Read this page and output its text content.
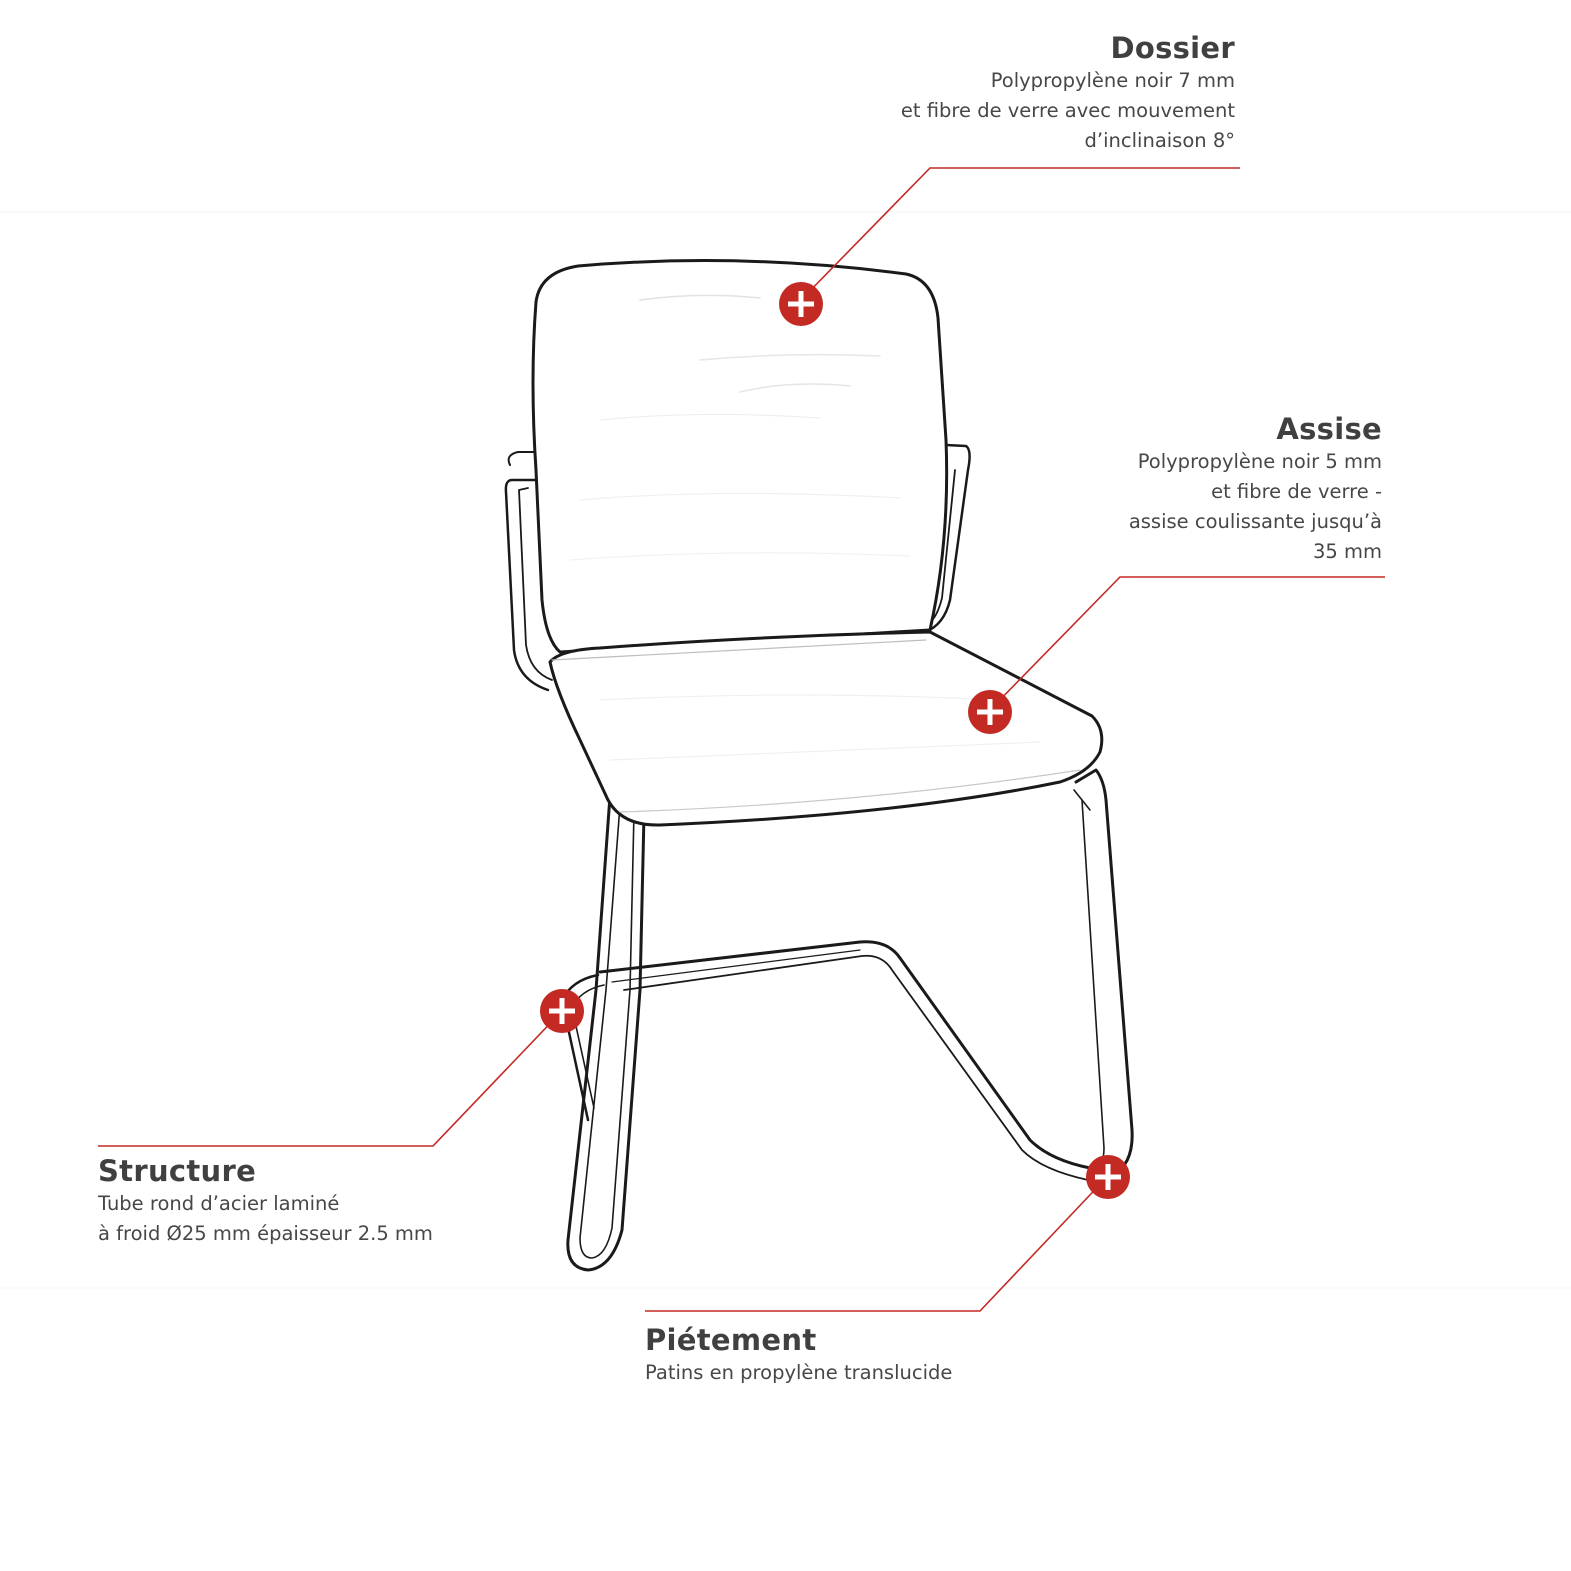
Dossier
Polypropylène noir 7 mm
et fibre de verre avec mouvement
d’inclinaison 8°
Assise
Polypropylène noir 5 mm
et fibre de verre -
assise coulissante jusqu’à
35 mm
Structure
Tube rond d’acier laminé
à froid Ø25 mm épaisseur 2.5 mm
Piétement
Patins en propylène translucide
